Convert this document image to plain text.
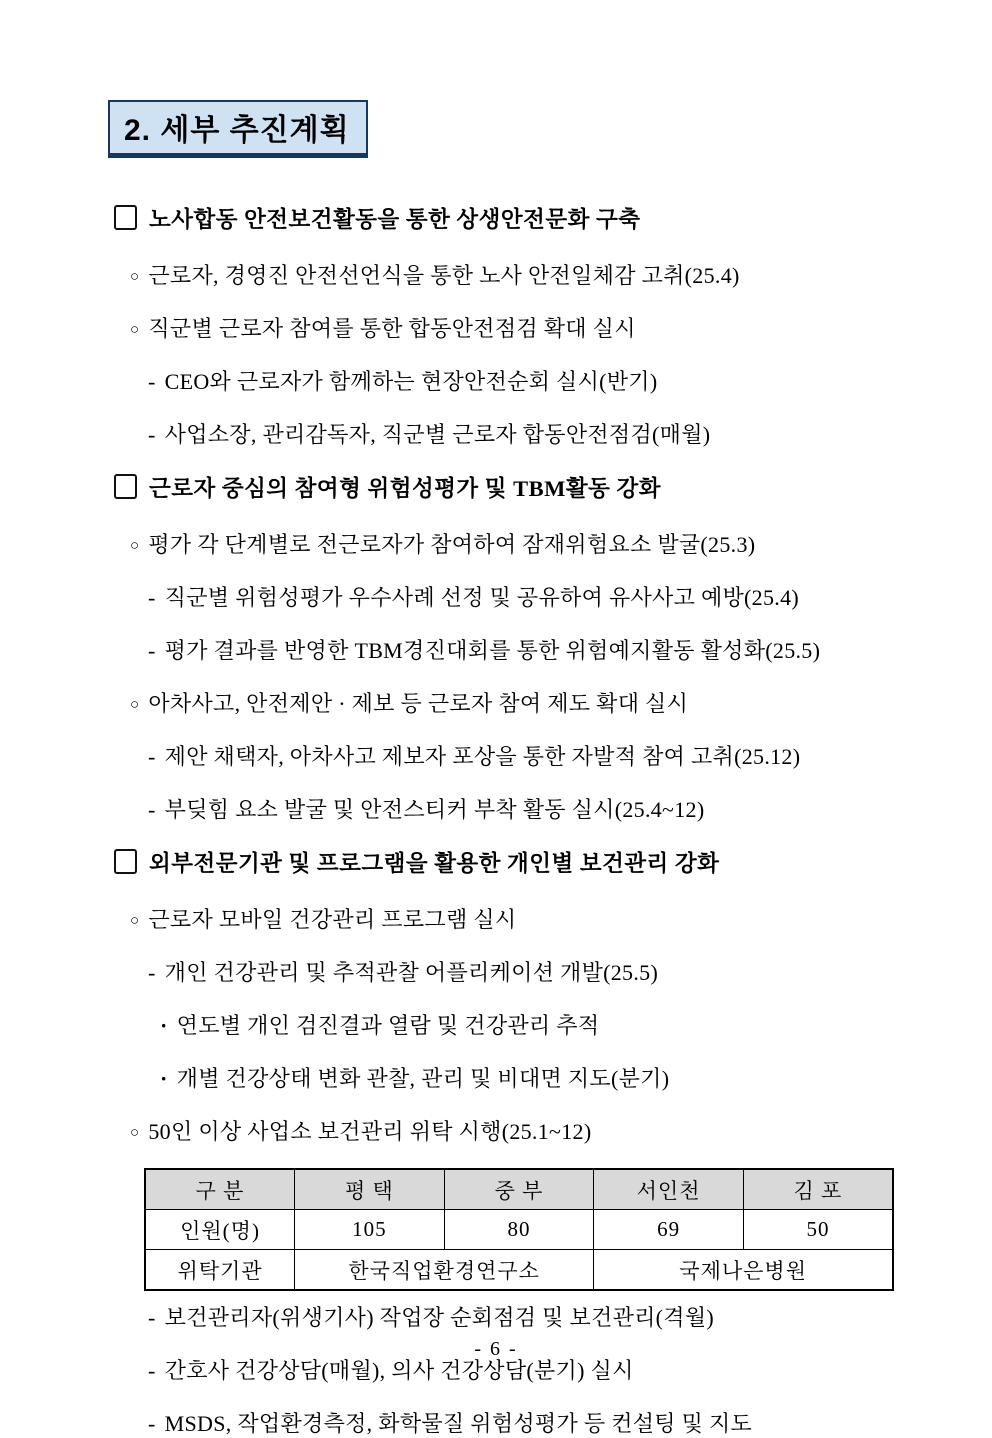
2. 세부 추진계획
노사합동 안전보건활동을 통한 상생안전문화 구축
○ 근로자, 경영진 안전선언식을 통한 노사 안전일체감 고취(25.4)
○ 직군별 근로자 참여를 통한 합동안전점검 확대 실시
- CEO와 근로자가 함께하는 현장안전순회 실시(반기)
- 사업소장, 관리감독자, 직군별 근로자 합동안전점검(매월)
근로자 중심의 참여형 위험성평가 및 TBM활동 강화
○ 평가 각 단계별로 전근로자가 참여하여 잠재위험요소 발굴(25.3)
- 직군별 위험성평가 우수사례 선정 및 공유하여 유사사고 예방(25.4)
- 평가 결과를 반영한 TBM경진대회를 통한 위험예지활동 활성화(25.5)
○ 아차사고, 안전제안 · 제보 등 근로자 참여 제도 확대 실시
- 제안 채택자, 아차사고 제보자 포상을 통한 자발적 참여 고취(25.12)
- 부딪힘 요소 발굴 및 안전스티커 부착 활동 실시(25.4~12)
외부전문기관 및 프로그램을 활용한 개인별 보건관리 강화
○ 근로자 모바일 건강관리 프로그램 실시
- 개인 건강관리 및 추적관찰 어플리케이션 개발(25.5)
· 연도별 개인 검진결과 열람 및 건강관리 추적
· 개별 건강상태 변화 관찰, 관리 및 비대면 지도(분기)
○ 50인 이상 사업소 보건관리 위탁 시행(25.1~12)
구 분	평 택	중 부	서인천	김 포
인원(명)	105	80	69	50
위탁기관	한국직업환경연구소		국제나은병원	
- 보건관리자(위생기사) 작업장 순회점검 및 보건관리(격월)
- 간호사 건강상담(매월), 의사 건강상담(분기) 실시
- MSDS, 작업환경측정, 화학물질 위험성평가 등 컨설팅 및 지도
- 6 -
